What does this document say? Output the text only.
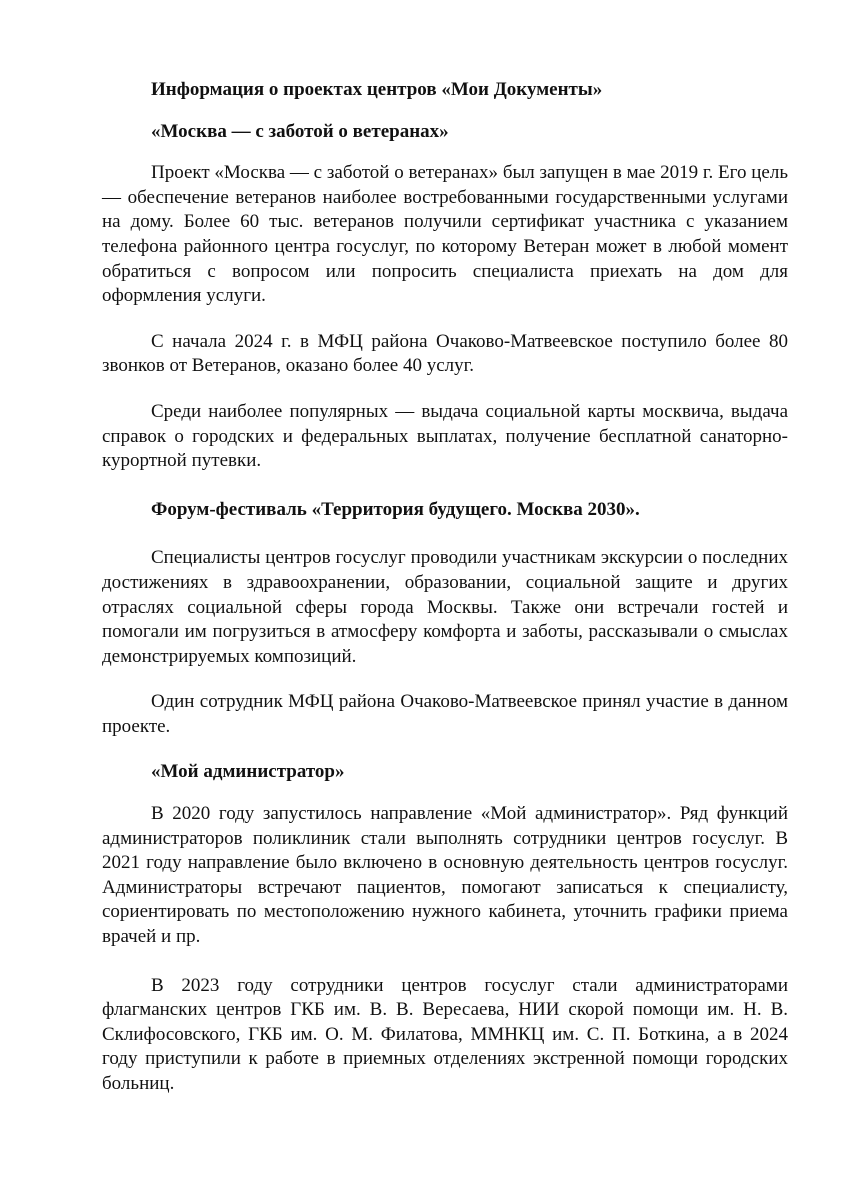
Информация о проектах центров «Мои Документы»

«Москва — с заботой о ветеранах»

Проект «Москва — с заботой о ветеранах» был запущен в мае 2019 г. Его цель — обеспечение ветеранов наиболее востребованными государственными услугами на дому. Более 60 тыс. ветеранов получили сертификат участника с указанием телефона районного центра госуслуг, по которому Ветеран может в любой момент обратиться с вопросом или попросить специалиста приехать на дом для оформления услуги.

С начала 2024 г. в МФЦ района Очаково-Матвеевское поступило более 80 звонков от Ветеранов, оказано более 40 услуг.

Среди наиболее популярных — выдача социальной карты москвича, выдача справок о городских и федеральных выплатах, получение бесплатной санаторно-курортной путевки.

Форум-фестиваль «Территория будущего. Москва 2030».

Специалисты центров госуслуг проводили участникам экскурсии о последних достижениях в здравоохранении, образовании, социальной защите и других отраслях социальной сферы города Москвы. Также они встречали гостей и помогали им погрузиться в атмосферу комфорта и заботы, рассказывали о смыслах демонстрируемых композиций.

Один сотрудник МФЦ района Очаково-Матвеевское принял участие в данном проекте.

«Мой администратор»

В 2020 году запустилось направление «Мой администратор». Ряд функций администраторов поликлиник стали выполнять сотрудники центров госуслуг. В 2021 году направление было включено в основную деятельность центров госуслуг. Администраторы встречают пациентов, помогают записаться к специалисту, сориентировать по местоположению нужного кабинета, уточнить графики приема врачей и пр.

В 2023 году сотрудники центров госуслуг стали администраторами флагманских центров ГКБ им. В. В. Вересаева, НИИ скорой помощи им. Н. В. Склифосовского, ГКБ им. О. М. Филатова, ММНКЦ им. С. П. Боткина, а в 2024 году приступили к работе в приемных отделениях экстренной помощи городских больниц.
